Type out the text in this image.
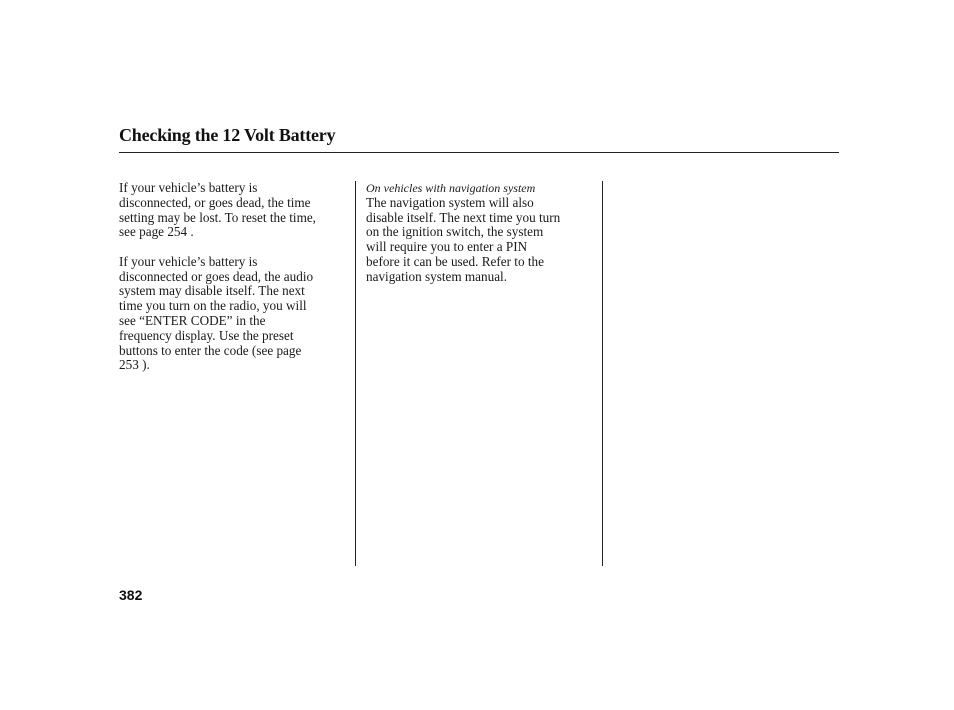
Checking the 12 Volt Battery

If your vehicle’s battery is
disconnected, or goes dead, the time
setting may be lost. To reset the time,
see page 254 .

If your vehicle’s battery is
disconnected or goes dead, the audio
system may disable itself. The next
time you turn on the radio, you will
see “ENTER CODE” in the
frequency display. Use the preset
buttons to enter the code (see page
253 ).

On vehicles with navigation system

The navigation system will also
disable itself. The next time you turn
on the ignition switch, the system
will require you to enter a PIN
before it can be used. Refer to the
navigation system manual.

382
